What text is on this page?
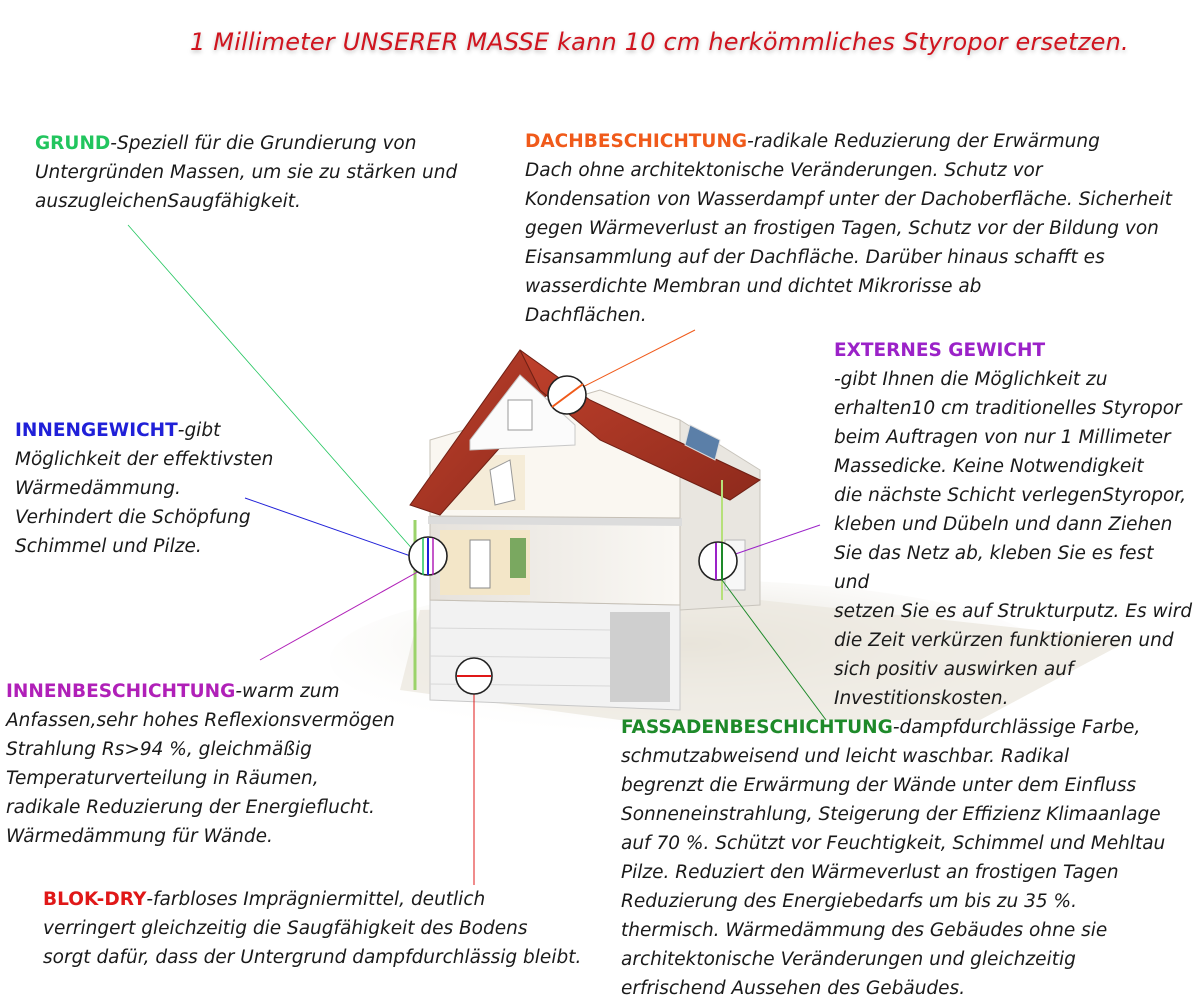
1 Millimeter UNSERER MASSE kann 10 cm herkömmliches Styropor ersetzen.
GRUND-Speziell für die Grundierung von
Untergründen Massen, um sie zu stärken und
auszugleichenSaugfähigkeit.
DACHBESCHICHTUNG-radikale Reduzierung der Erwärmung
Dach ohne architektonische Veränderungen. Schutz vor
Kondensation von Wasserdampf unter der Dachoberfläche. Sicherheit
gegen Wärmeverlust an frostigen Tagen, Schutz vor der Bildung von
Eisansammlung auf der Dachfläche. Darüber hinaus schafft es
wasserdichte Membran und dichtet Mikrorisse ab
Dachflächen.
EXTERNES GEWICHT
-gibt Ihnen die Möglichkeit zu
erhalten10 cm traditionelles Styropor
beim Auftragen von nur 1 Millimeter
Massedicke. Keine Notwendigkeit
die nächste Schicht verlegenStyropor,
kleben und Dübeln und dann Ziehen
Sie das Netz ab, kleben Sie es fest und
setzen Sie es auf Strukturputz. Es wird
die Zeit verkürzen funktionieren und
sich positiv auswirken auf
Investitionskosten.
INNENGEWICHT-gibt
Möglichkeit der effektivsten
Wärmedämmung.
Verhindert die Schöpfung
Schimmel und Pilze.
INNENBESCHICHTUNG-warm zum
Anfassen,sehr hohes Reflexionsvermögen
Strahlung Rs>94 %, gleichmäßig
Temperaturverteilung in Räumen,
radikale Reduzierung der Energieflucht.
Wärmedämmung für Wände.
FASSADENBESCHICHTUNG-dampfdurchlässige Farbe,
schmutzabweisend und leicht waschbar. Radikal
begrenzt die Erwärmung der Wände unter dem Einfluss
Sonneneinstrahlung, Steigerung der Effizienz Klimaanlage
auf 70 %. Schützt vor Feuchtigkeit, Schimmel und Mehltau
Pilze. Reduziert den Wärmeverlust an frostigen Tagen
Reduzierung des Energiebedarfs um bis zu 35 %.
thermisch. Wärmedämmung des Gebäudes ohne sie
architektonische Veränderungen und gleichzeitig
erfrischend Aussehen des Gebäudes.
BLOK-DRY-farbloses Imprägniermittel, deutlich
verringert gleichzeitig die Saugfähigkeit des Bodens
sorgt dafür, dass der Untergrund dampfdurchlässig bleibt.
